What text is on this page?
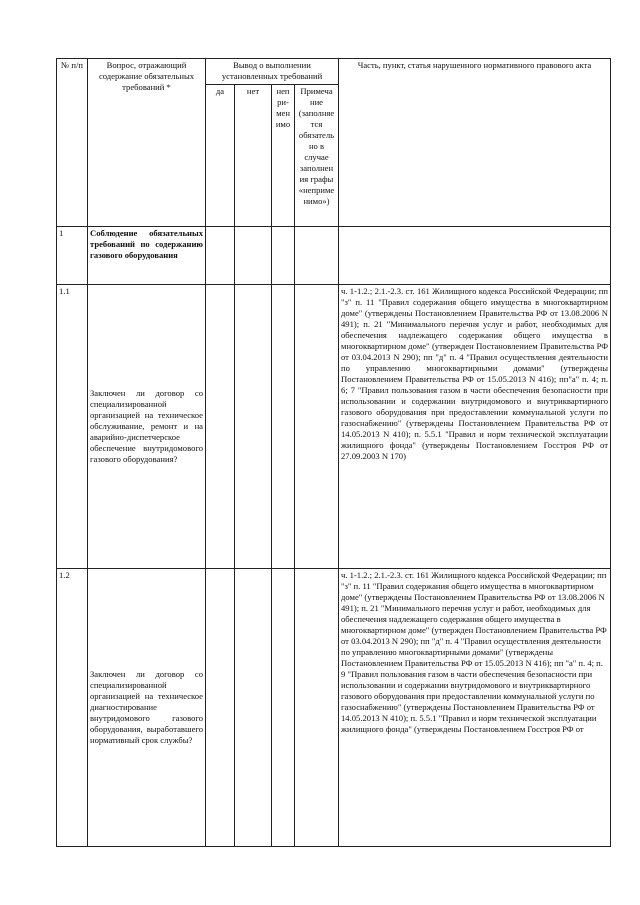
№ п/п	Вопрос, отражающий содержание обязательных требований *	Вывод о выполнении установленных требований				Часть, пункт, статья нарушенного нормативного правового акта
		да	нет	неп ри- мен имо	Примеча ние (заполняе тся обязатель но в случае заполнен ия графы «неприме нимо»)	
1	Соблюдение обязательных требований по содержанию газового оборудования					
1.1	Заключен ли договор со специализированной организацией на техническое обслуживание, ремонт и на аварийно-диспетчерское обеспечение внутридомового газового оборудования?					ч. 1-1.2.; 2.1.-2.3. ст. 161 Жилищного кодекса Российской Федерации; пп "з" п. 11 "Правил содержания общего имущества в многоквартирном доме" (утверждены Постановлением Правительства РФ от 13.08.2006 N 491); п. 21 "Минимального перечня услуг и работ, необходимых для обеспечения надлежащего содержания общего имущества в многоквартирном доме" (утвержден Постановлением Правительства РФ от 03.04.2013 N 290); пп "д" п. 4 "Правил осуществления деятельности по управлению многоквартирными домами" (утверждены Постановлением Правительства РФ от 15.05.2013 N 416); пп"а" п. 4; п. 6; 7 "Правил пользования газом в части обеспечения безопасности при использовании и содержании внутридомового и внутриквартирного газового оборудования при предоставлении коммунальной услуги по газоснабжению" (утверждены Постановлением Правительства РФ от 14.05.2013 N 410); п. 5.5.1 "Правил и норм технической эксплуатации жилищного фонда" (утверждены Постановлением Госстроя РФ от 27.09.2003 N 170)
1.2	Заключен ли договор со специализированной организацией на техническое диагностирование внутридомового газового оборудования, выработавшего нормативный срок службы?					ч. 1-1.2.; 2.1.-2.3. ст. 161 Жилищного кодекса Российской Федерации; пп "з" п. 11 "Правил содержания общего имущества в многоквартирном доме" (утверждены Постановлением Правительства РФ от 13.08.2006 N 491); п. 21 "Минимального перечня услуг и работ, необходимых для обеспечения надлежащего содержания общего имущества в многоквартирном доме" (утвержден Постановлением Правительства РФ от 03.04.2013 N 290); пп "д" п. 4 "Правил осуществления деятельности по управлению многоквартирными домами" (утверждены Постановлением Правительства РФ от 15.05.2013 N 416); пп "а" п. 4; п. 9 "Правил пользования газом в части обеспечения безопасности при использовании и содержании внутридомового и внутриквартирного газового оборудования при предоставлении коммунальной услуги по газоснабжению" (утверждены Постановлением Правительства РФ от 14.05.2013 N 410); п. 5.5.1 "Правил и норм технической эксплуатации жилищного фонда" (утверждены Постановлением Госстроя РФ от
